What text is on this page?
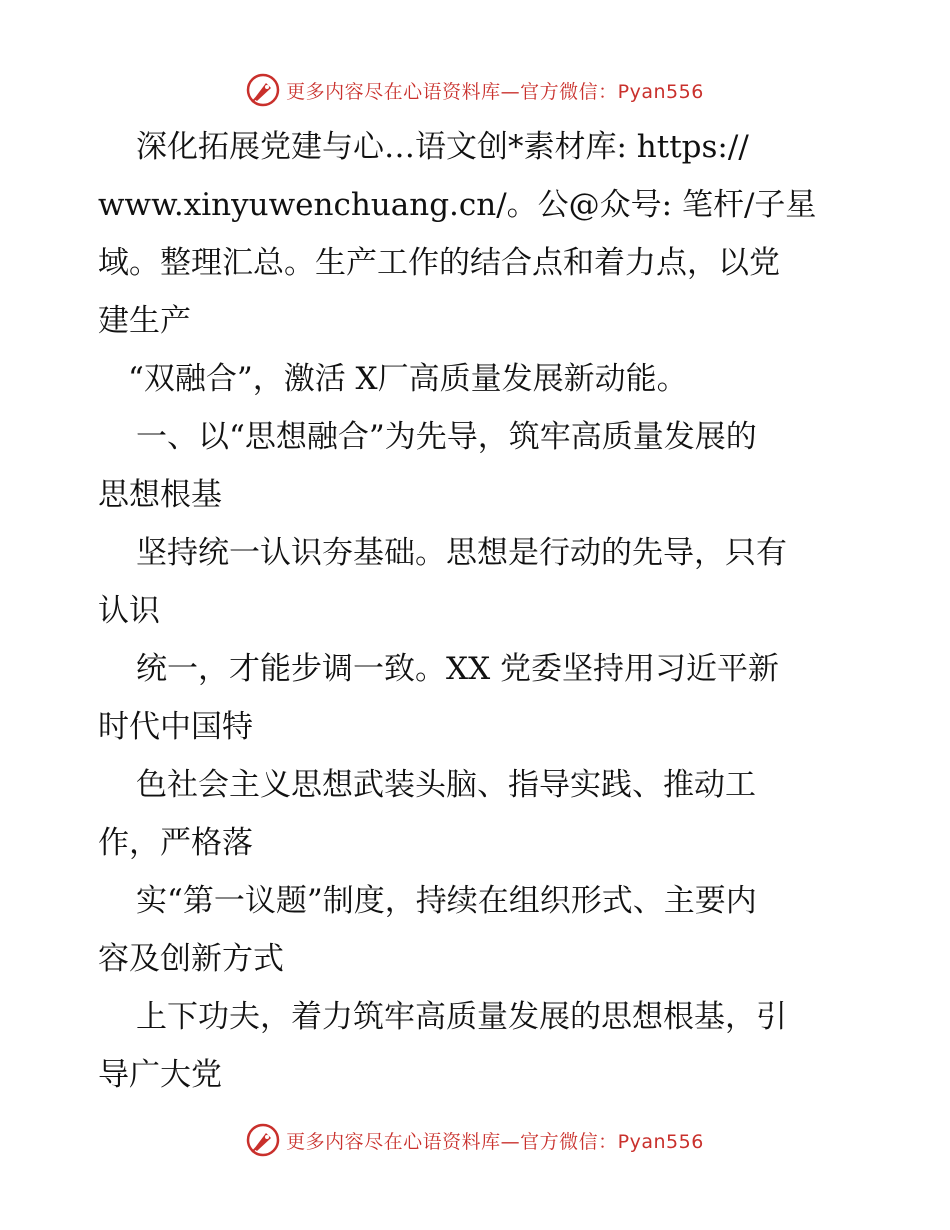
更多内容尽在心语资料库—官方微信：Pyan556
深化拓展党建与心…语文创*素材库: https://
www.xinyuwenchuang.cn/。公@众号: 笔杆/子星
域。整理汇总。生产工作的结合点和着力点，以党
建生产
“双融合”，激活 X厂高质量发展新动能。
一、以“思想融合”为先导，筑牢高质量发展的
思想根基
坚持统一认识夯基础。思想是行动的先导，只有
认识
统一，才能步调一致。XX 党委坚持用习近平新
时代中国特
色社会主义思想武装头脑、指导实践、推动工
作，严格落
实“第一议题”制度，持续在组织形式、主要内
容及创新方式
上下功夫，着力筑牢高质量发展的思想根基，引
导广大党
更多内容尽在心语资料库—官方微信：Pyan556
